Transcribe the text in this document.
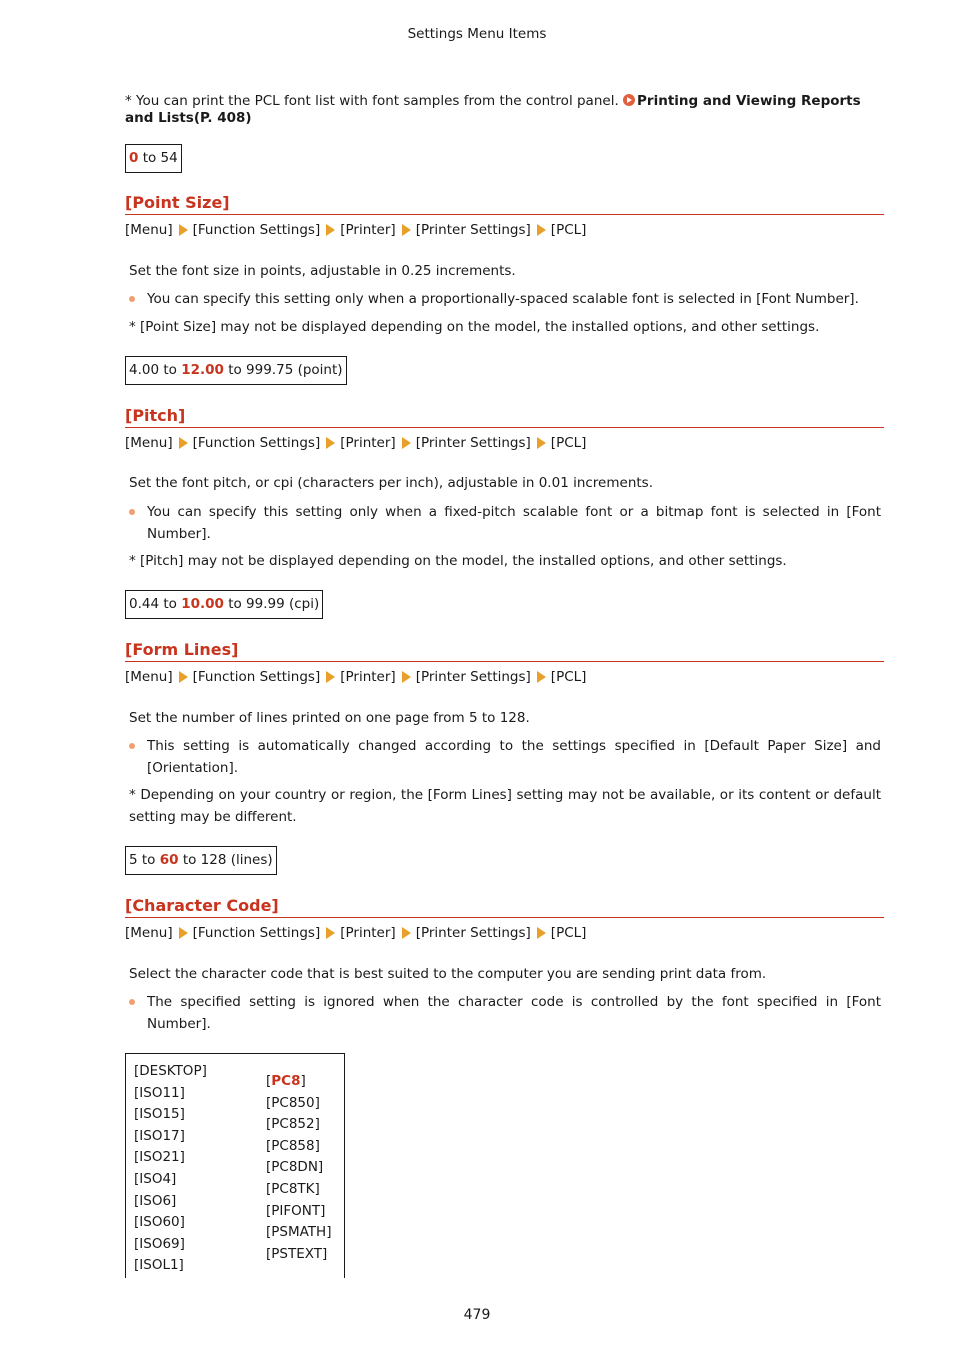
Settings Menu Items
* You can print the PCL font list with font samples from the control panel. Printing and Viewing Reports and Lists(P. 408)
0 to 54
[Point Size]
[Menu] [Function Settings] [Printer] [Printer Settings] [PCL]
Set the font size in points, adjustable in 0.25 increments.
You can specify this setting only when a proportionally-spaced scalable font is selected in [Font Number].
* [Point Size] may not be displayed depending on the model, the installed options, and other settings.
4.00 to 12.00 to 999.75 (point)
[Pitch]
[Menu] [Function Settings] [Printer] [Printer Settings] [PCL]
Set the font pitch, or cpi (characters per inch), adjustable in 0.01 increments.
You can specify this setting only when a fixed-pitch scalable font or a bitmap font is selected in [Font Number].
* [Pitch] may not be displayed depending on the model, the installed options, and other settings.
0.44 to 10.00 to 99.99 (cpi)
[Form Lines]
[Menu] [Function Settings] [Printer] [Printer Settings] [PCL]
Set the number of lines printed on one page from 5 to 128.
This setting is automatically changed according to the settings specified in [Default Paper Size] and [Orientation].
* Depending on your country or region, the [Form Lines] setting may not be available, or its content or default setting may be different.
5 to 60 to 128 (lines)
[Character Code]
[Menu] [Function Settings] [Printer] [Printer Settings] [PCL]
Select the character code that is best suited to the computer you are sending print data from.
The specified setting is ignored when the character code is controlled by the font specified in [Font Number].
[DESKTOP]
[ISO11]
[ISO15]
[ISO17]
[ISO21]
[ISO4]
[ISO6]
[ISO60]
[ISO69]
[ISOL1]
[PC8]
[PC850]
[PC852]
[PC858]
[PC8DN]
[PC8TK]
[PIFONT]
[PSMATH]
[PSTEXT]
479
